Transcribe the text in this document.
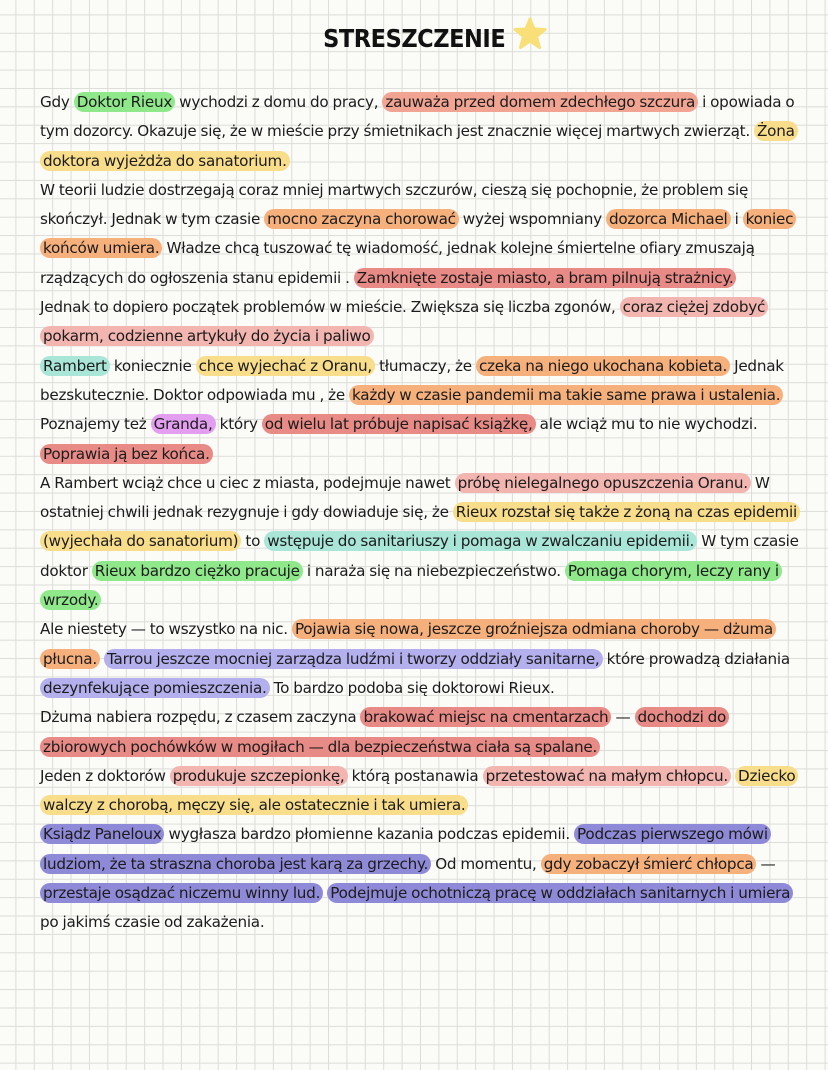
STRESZCZENIE

Gdy Doktor Rieux wychodzi z domu do pracy, zauważa przed domem zdechłego szczura i opowiada o tym dozorcy. Okazuje się, że w mieście przy śmietnikach jest znacznie więcej martwych zwierząt. Żona doktora wyjeżdża do sanatorium.

W teorii ludzie dostrzegają coraz mniej martwych szczurów, cieszą się pochopnie, że problem się skończył. Jednak w tym czasie mocno zaczyna chorować wyżej wspomniany dozorca Michael i koniec końców umiera. Władze chcą tuszować tę wiadomość, jednak kolejne śmiertelne ofiary zmuszają rządzących do ogłoszenia stanu epidemii . Zamknięte zostaje miasto, a bram pilnują strażnicy.

Jednak to dopiero początek problemów w mieście. Zwiększa się liczba zgonów, coraz ciężej zdobyć pokarm, codzienne artykuły do życia i paliwo

Rambert koniecznie chce wyjechać z Oranu, tłumaczy, że czeka na niego ukochana kobieta. Jednak bezskutecznie. Doktor odpowiada mu , że każdy w czasie pandemii ma takie same prawa i ustalenia. Poznajemy też Granda, który od wielu lat próbuje napisać książkę, ale wciąż mu to nie wychodzi. Poprawia ją bez końca.

A Rambert wciąż chce u ciec z miasta, podejmuje nawet próbę nielegalnego opuszczenia Oranu. W ostatniej chwili jednak rezygnuje i gdy dowiaduje się, że Rieux rozstał się także z żoną na czas epidemii (wyjechała do sanatorium) to wstępuje do sanitariuszy i pomaga w zwalczaniu epidemii. W tym czasie doktor Rieux bardzo ciężko pracuje i naraża się na niebezpieczeństwo. Pomaga chorym, leczy rany i wrzody.

Ale niestety — to wszystko na nic. Pojawia się nowa, jeszcze groźniejsza odmiana choroby — dżuma płucna. Tarrou jeszcze mocniej zarządza ludźmi i tworzy oddziały sanitarne, które prowadzą działania dezynfekujące pomieszczenia. To bardzo podoba się doktorowi Rieux.

Dżuma nabiera rozpędu, z czasem zaczyna brakować miejsc na cmentarzach — dochodzi do zbiorowych pochówków w mogiłach — dla bezpieczeństwa ciała są spalane.

Jeden z doktorów produkuje szczepionkę, którą postanawia przetestować na małym chłopcu. Dziecko walczy z chorobą, męczy się, ale ostatecznie i tak umiera.

Ksiądz Paneloux wygłasza bardzo płomienne kazania podczas epidemii. Podczas pierwszego mówi ludziom, że ta straszna choroba jest karą za grzechy. Od momentu, gdy zobaczył śmierć chłopca — przestaje osądzać niczemu winny lud. Podejmuje ochotniczą pracę w oddziałach sanitarnych i umiera po jakimś czasie od zakażenia.
